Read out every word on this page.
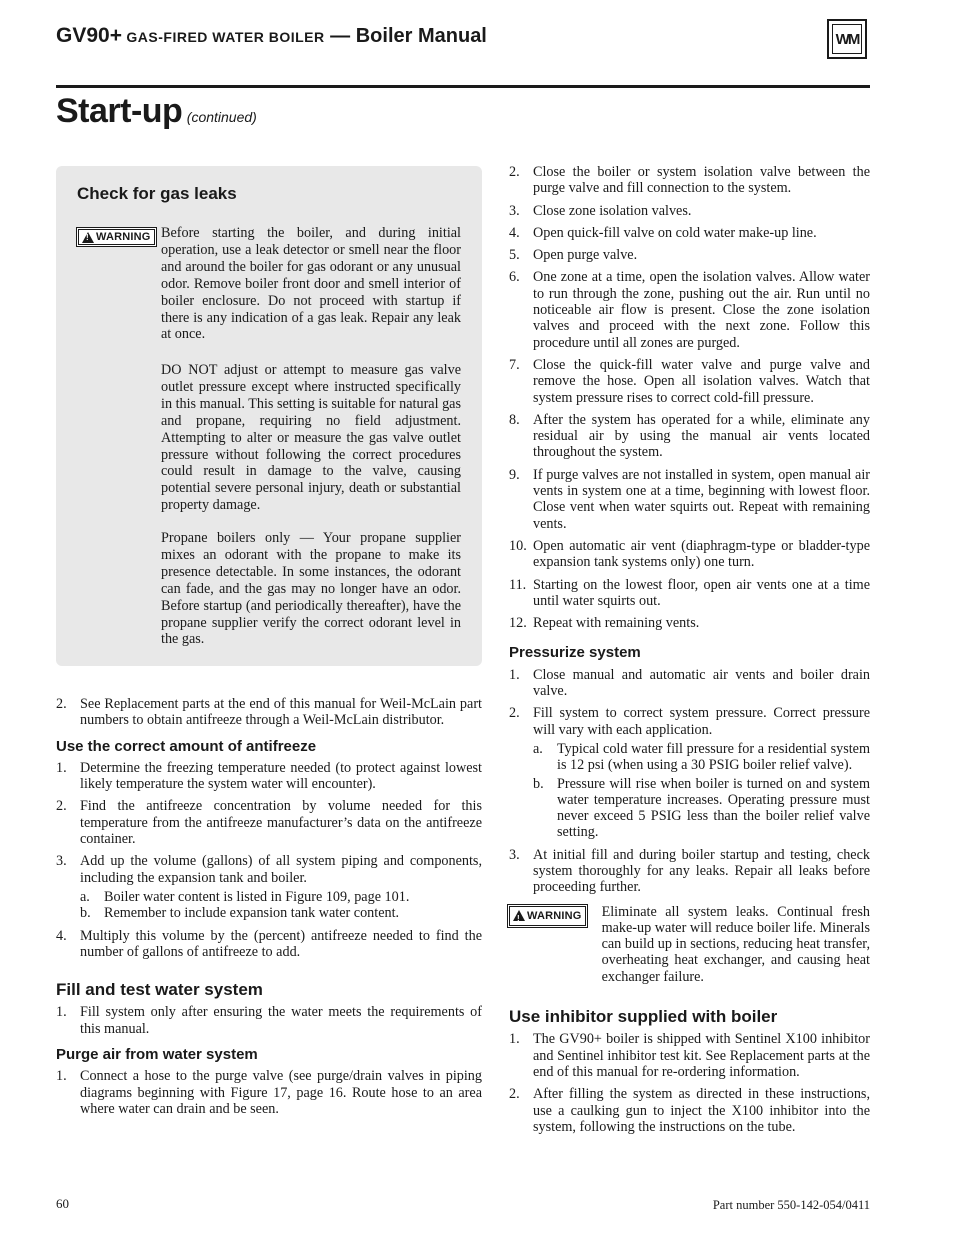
GV90+ GAS-FIRED WATER BOILER — Boiler Manual	WM
Start-up (continued)
Check for gas leaks
!
WARNING Before starting the boiler, and during initial operation, use a leak detector or smell near the floor and around the boiler for gas odorant or any unusual odor. Remove boiler front door and smell interior of boiler enclosure. Do not proceed with startup if there is any indication of a gas leak. Repair any leak at once.
DO NOT adjust or attempt to measure gas valve outlet pressure except where instructed specifically in this manual. This setting is suitable for natural gas and propane, requiring no field adjustment. Attempting to alter or measure the gas valve outlet pressure without following the correct procedures could result in damage to the valve, causing potential severe personal injury, death or substantial property damage.
Propane boilers only — Your propane supplier mixes an odorant with the propane to make its presence detectable. In some instances, the odorant can fade, and the gas may no longer have an odor. Before startup (and periodically thereafter), have the propane supplier verify the correct odorant level in the gas.
2. See Replacement parts at the end of this manual for Weil-McLain part numbers to obtain antifreeze through a Weil-McLain distributor.
Use the correct amount of antifreeze
1. Determine the freezing temperature needed (to protect against lowest likely temperature the system water will encounter).
2. Find the antifreeze concentration by volume needed for this temperature from the antifreeze manufacturer’s data on the antifreeze container.
3. Add up the volume (gallons) of all system piping and components, including the expansion tank and boiler.
a. Boiler water content is listed in Figure 109, page 101.
b. Remember to include expansion tank water content.
4. Multiply this volume by the (percent) antifreeze needed to find the number of gallons of antifreeze to add.
Fill and test water system
1. Fill system only after ensuring the water meets the requirements of this manual.
Purge air from water system
1. Connect a hose to the purge valve (see purge/drain valves in piping diagrams beginning with Figure 17, page 16. Route hose to an area where water can drain and be seen.
2. Close the boiler or system isolation valve between the purge valve and fill connection to the system.
3. Close zone isolation valves.
4. Open quick-fill valve on cold water make-up line.
5. Open purge valve.
6. One zone at a time, open the isolation valves. Allow water to run through the zone, pushing out the air. Run until no noticeable air flow is present. Close the zone isolation valves and proceed with the next zone. Follow this procedure until all zones are purged.
7. Close the quick-fill water valve and purge valve and remove the hose. Open all isolation valves. Watch that system pressure rises to correct cold-fill pressure.
8. After the system has operated for a while, eliminate any residual air by using the manual air vents located throughout the system.
9. If purge valves are not installed in system, open manual air vents in system one at a time, beginning with lowest floor. Close vent when water squirts out. Repeat with remaining vents.
10. Open automatic air vent (diaphragm-type or bladder-type expansion tank systems only) one turn.
11. Starting on the lowest floor, open air vents one at a time until water squirts out.
12. Repeat with remaining vents.
Pressurize system
1. Close manual and automatic air vents and boiler drain valve.
2. Fill system to correct system pressure. Correct pressure will vary with each application.
a. Typical cold water fill pressure for a residential system is 12 psi (when using a 30 PSIG boiler relief valve).
b. Pressure will rise when boiler is turned on and system water temperature increases. Operating pressure must never exceed 5 PSIG less than the boiler relief valve setting.
3. At initial fill and during boiler startup and testing, check system thoroughly for any leaks. Repair all leaks before proceeding further.
!
WARNING Eliminate all system leaks. Continual fresh make-up water will reduce boiler life. Minerals can build up in sections, reducing heat transfer, overheating heat exchanger, and causing heat exchanger failure.
Use inhibitor supplied with boiler
1. The GV90+ boiler is shipped with Sentinel X100 inhibitor and Sentinel inhibitor test kit. See Replacement parts at the end of this manual for re-ordering information.
2. After filling the system as directed in these instructions, use a caulking gun to inject the X100 inhibitor into the system, following the instructions on the tube.
60	Part number 550-142-054/0411
